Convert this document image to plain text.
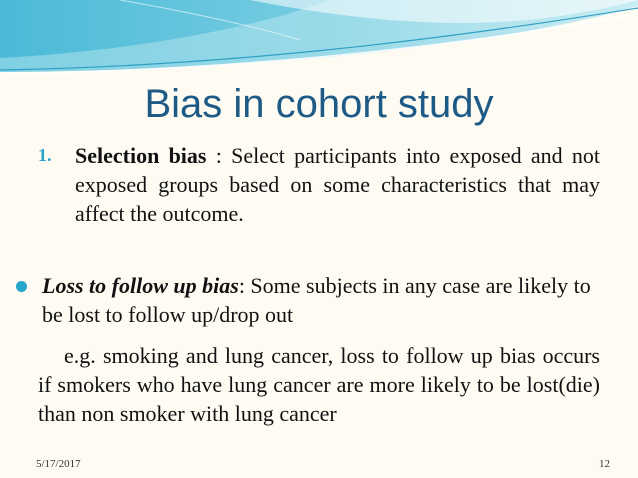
Bias in cohort study
1. Selection bias : Select participants into exposed and not exposed groups based on some characteristics that may affect the outcome.
Loss to follow up bias: Some subjects in any case are likely to be lost to follow up/drop out
e.g. smoking and lung cancer, loss to follow up bias occurs if smokers who have lung cancer are more likely to be lost(die) than non smoker with lung cancer
5/17/2017	12
